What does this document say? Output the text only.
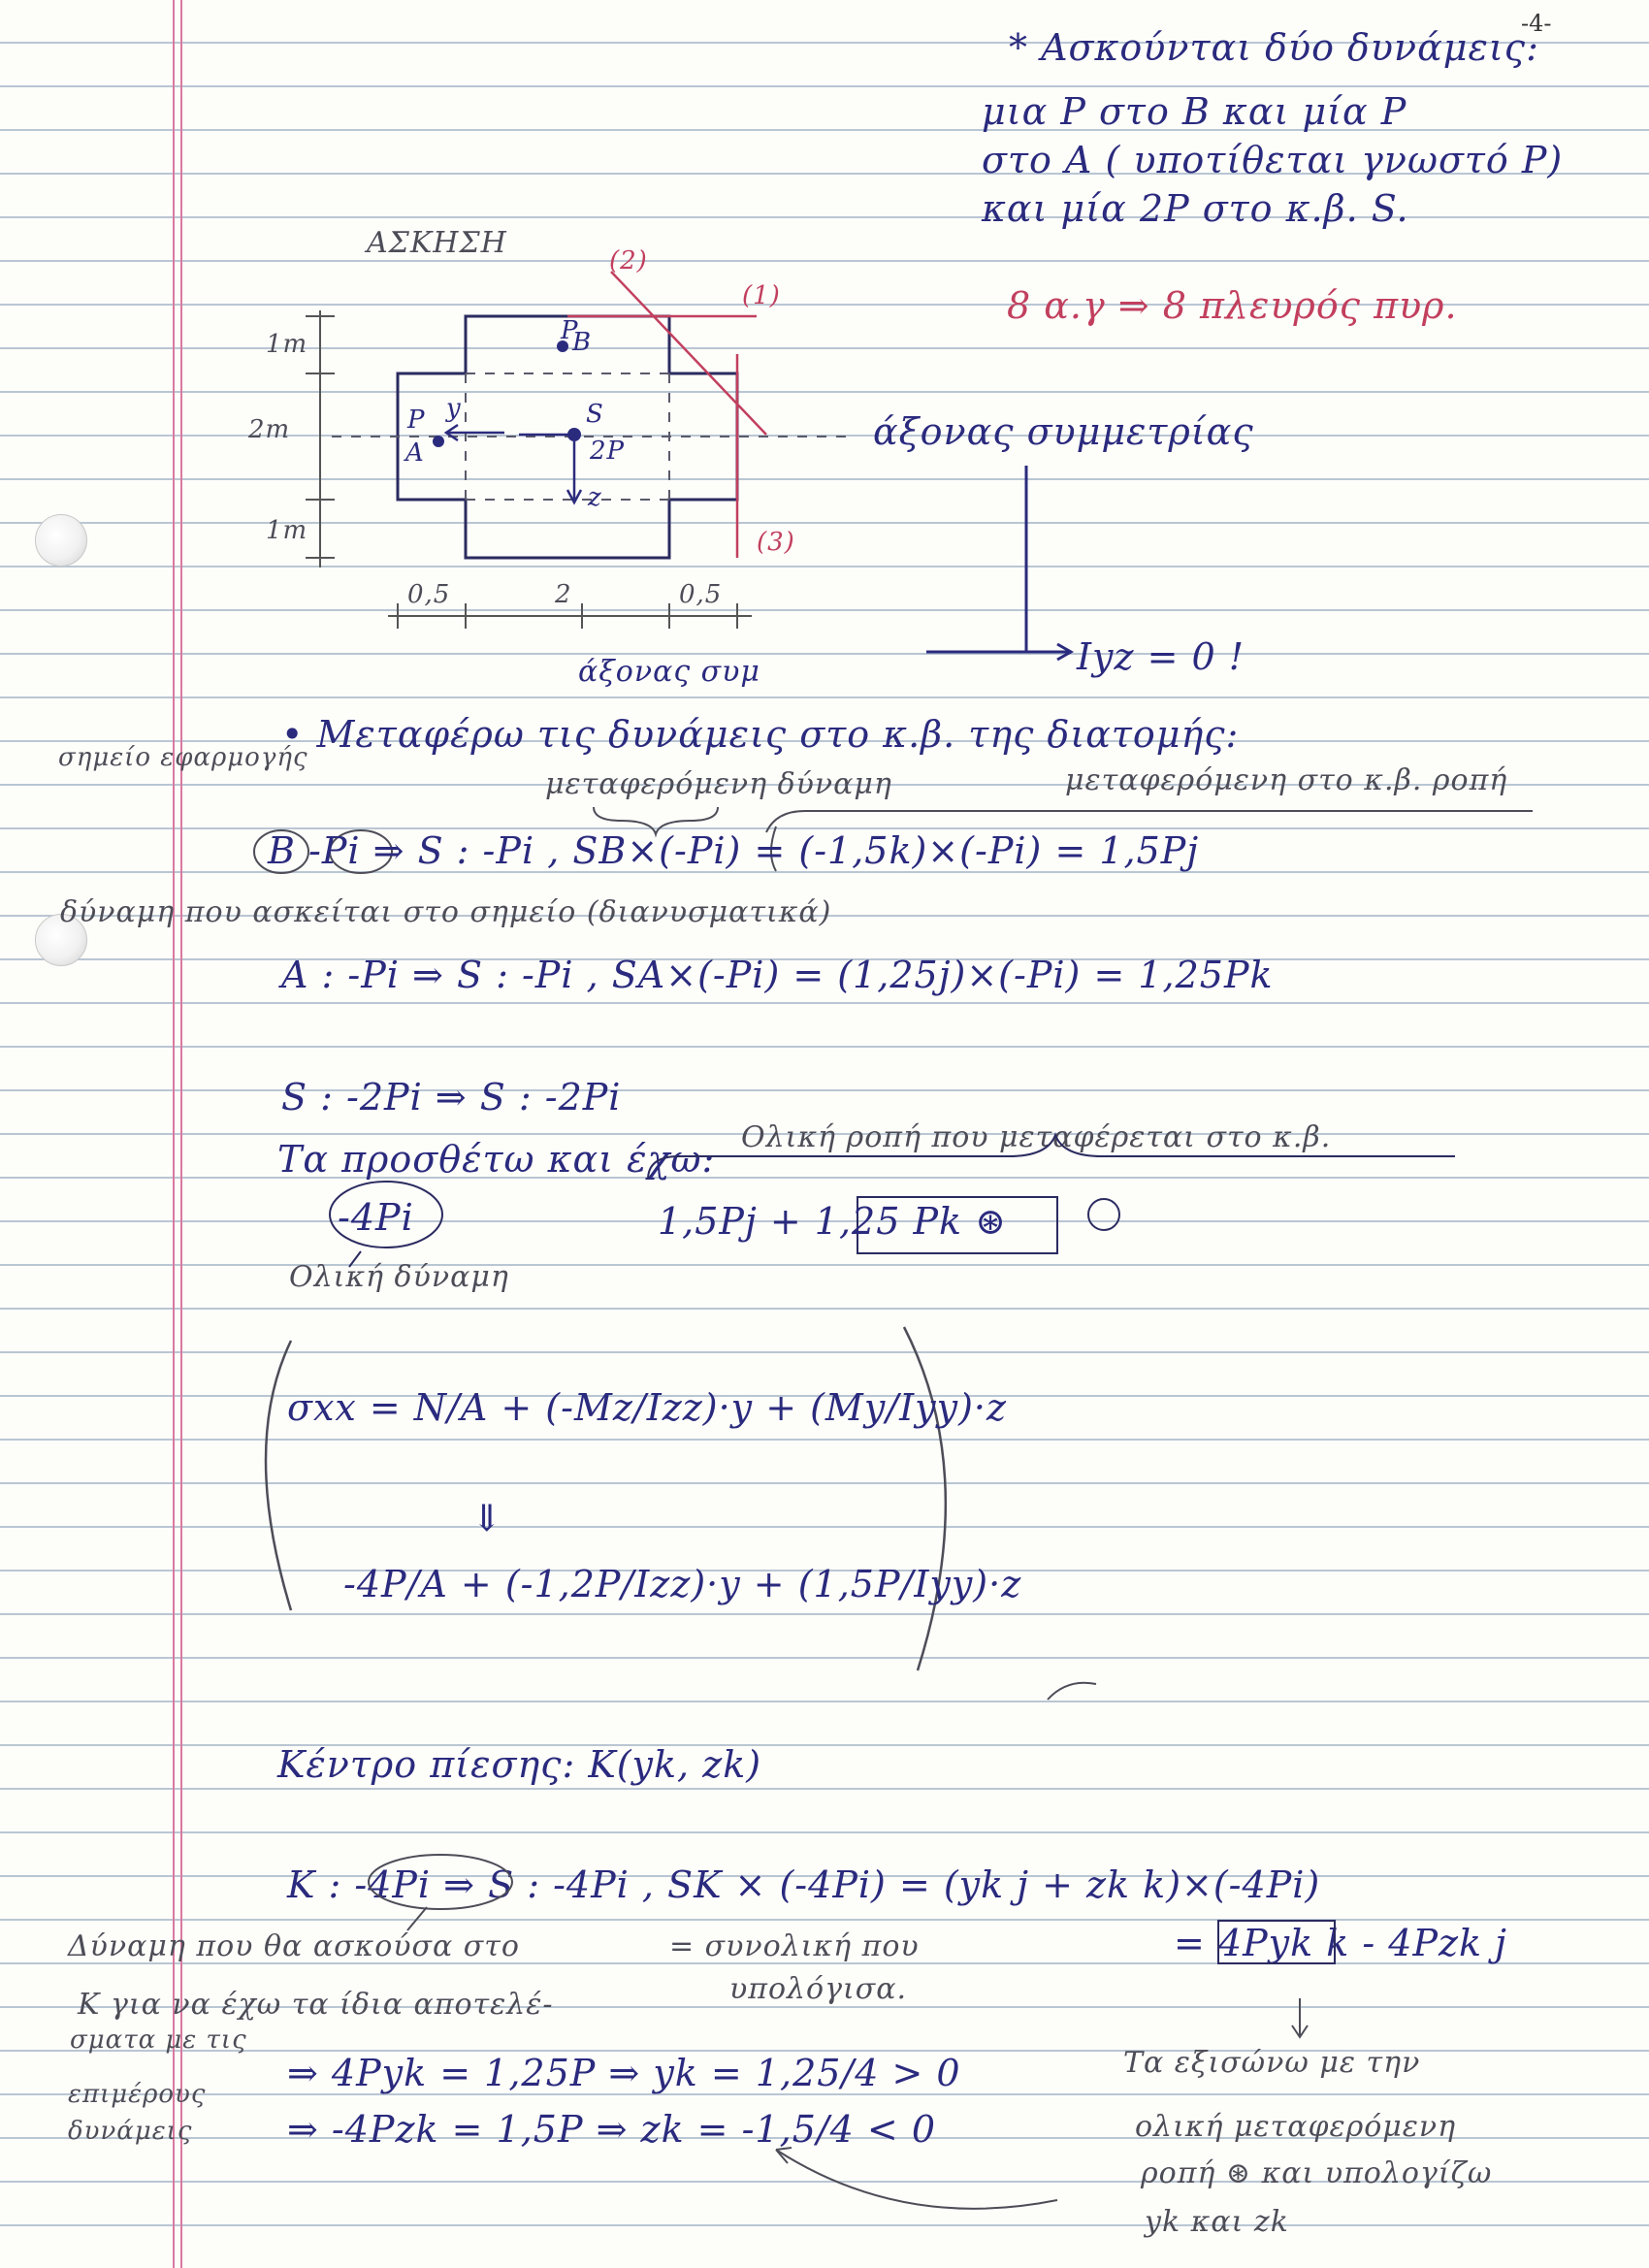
-4-
* Ασκούνται δύο δυνάμεις:
μια P στο B και μία P
στο A ( υποτίθεται γνωστό P)
και μία 2P στο κ.β. S.
ΑΣΚΗΣΗ
8 α.γ ⇒ 8 πλευρός πυρ.
(2)
(1)
(3)
B
P
S
2P
A
P y
z
1m
2m
1m
0,5	2	0,5
άξονας συμ
άξονας συμμετρίας
Iyz = 0 !
• Μεταφέρω τις δυνάμεις στο κ.β. της διατομής:
σημείο εφαρμογής
μεταφερόμενη δύναμη	μεταφερόμενη στο κ.β. ροπή
B -Pi ⇒ S : -Pi , SB×(-Pi) = (-1,5k)×(-Pi) = 1,5Pj
δύναμη που ασκείται στο σημείο (διανυσματικά)
A : -Pi ⇒ S : -Pi , SA×(-Pi) = (1,25j)×(-Pi) = 1,25Pk
S : -2Pi ⇒ S : -2Pi
Τα προσθέτω και έχω:
Ολική ροπή που μεταφέρεται στο κ.β.
-4Pi	1,5Pj + 1,25 Pk ⊛
Ολική δύναμη
σxx = N/A + (-Mz/Izz)·y + (My/Iyy)·z
⇓
-4P/A + (-1,2P/Izz)·y + (1,5P/Iyy)·z
Κέντρο πίεσης: K(yk, zk)
K : -4Pi ⇒ S : -4Pi , SK × (-4Pi) = (yk j + zk k)×(-4Pi)
= 4Pyk k - 4Pzk j
Δύναμη που θα ασκούσα στο
K για να έχω τα ίδια αποτελέ-
σματα με τις
επιμέρους
δυνάμεις
= συνολική που
υπολόγισα.
⇒ 4Pyk = 1,25P ⇒ yk = 1,25/4 > 0
⇒ -4Pzk = 1,5P ⇒ zk = -1,5/4 < 0
Τα εξισώνω με την
ολική μεταφερόμενη
ροπή ⊛ και υπολογίζω
yk και zk
